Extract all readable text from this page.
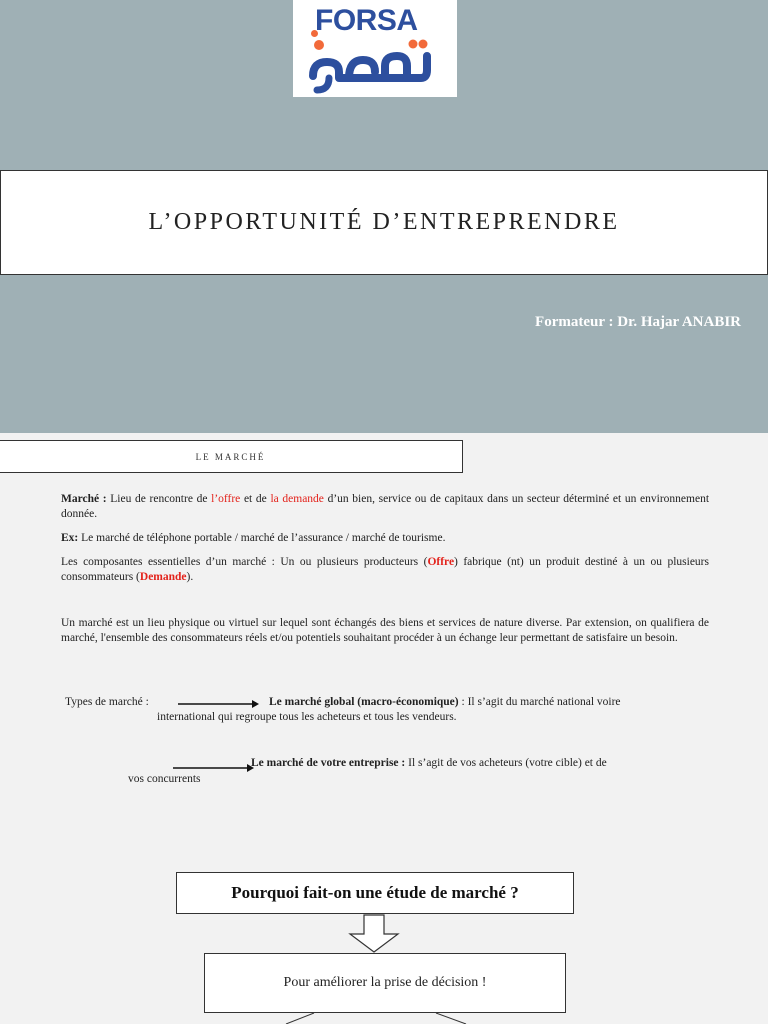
FORSA
L’OPPORTUNITÉ D’ENTREPRENDRE
Formateur : Dr. Hajar ANABIR
LE MARCHÉ

Marché : Lieu de rencontre de l’offre et de la demande d’un bien, service ou de capitaux dans un secteur déterminé et un environnement donnée.

Ex: Le marché de téléphone portable / marché de l’assurance / marché de tourisme.

Les composantes essentielles d’un marché : Un ou plusieurs producteurs (Offre) fabrique (nt) un produit destiné à un ou plusieurs consommateurs (Demande).

Un marché est un lieu physique ou virtuel sur lequel sont échangés des biens et services de nature diverse. Par extension, on qualifiera de marché, l'ensemble des consommateurs réels et/ou potentiels souhaitant procéder à un échange leur permettant de satisfaire un besoin.

Types de marché :	Le marché global (macro-économique) : Il s’agit du marché national voire
international qui regroupe tous les acheteurs et tous les vendeurs.
Le marché de votre entreprise : Il s’agit de vos acheteurs (votre cible) et de
vos concurrents
Pourquoi fait-on une étude de marché ?
Pour améliorer la prise de décision !
